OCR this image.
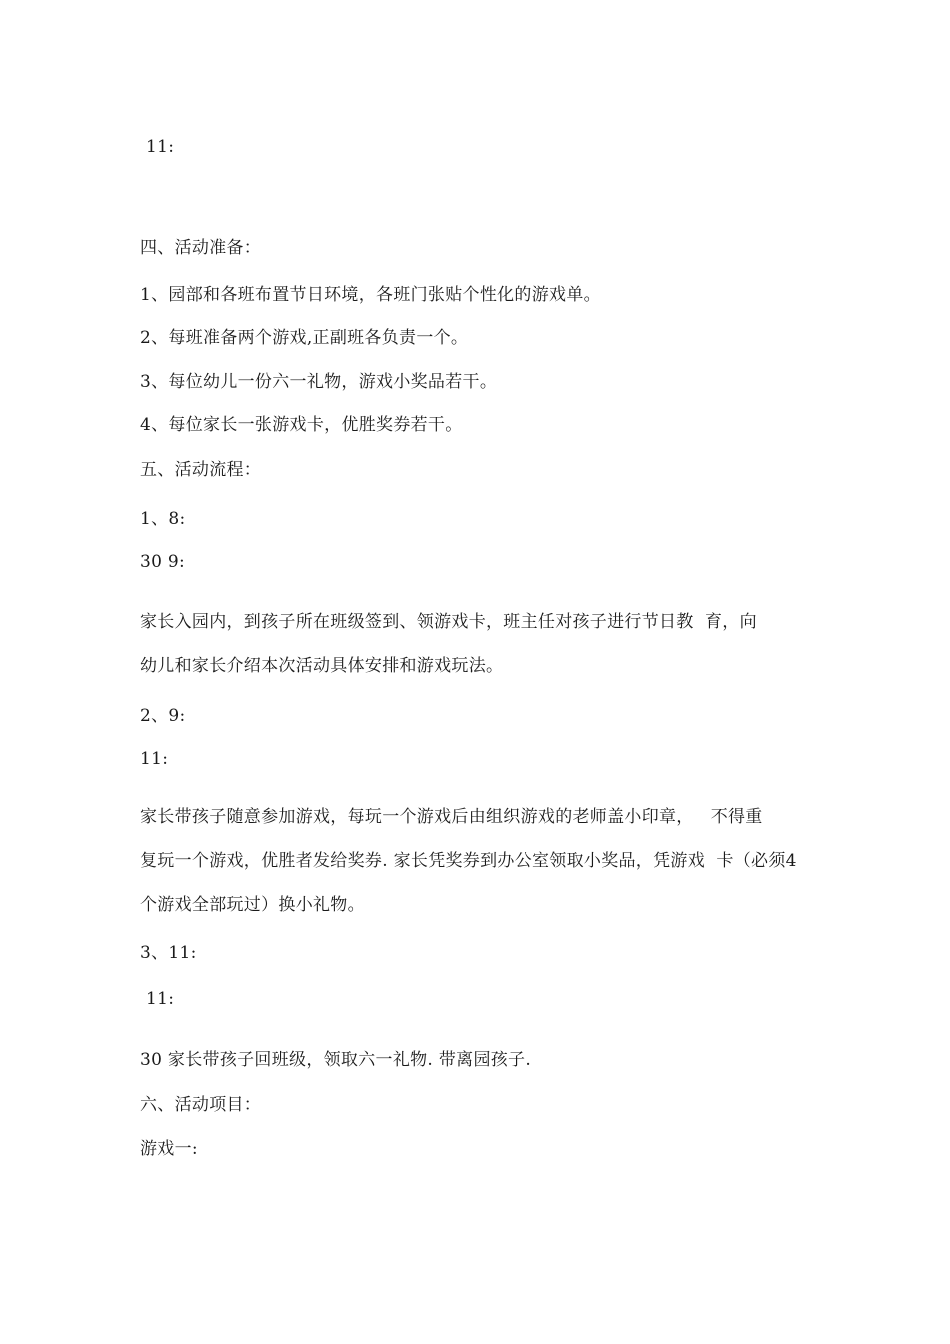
11:
四、活动准备：
1、园部和各班布置节日环境，各班门张贴个性化的游戏单。
2、每班准备两个游戏,正副班各负责一个。
3、每位幼儿一份六一礼物，游戏小奖品若干。
4、每位家长一张游戏卡，优胜奖券若干。
五、活动流程：
1、8:
30 9:
家长入园内，到孩子所在班级签到、领游戏卡，班主任对孩子进行节日教  育，向
幼儿和家长介绍本次活动具体安排和游戏玩法。
2、9:
11:
家长带孩子随意参加游戏，每玩一个游戏后由组织游戏的老师盖小印章，   不得重
复玩一个游戏，优胜者发给奖券. 家长凭奖券到办公室领取小奖品，凭游戏  卡（必须4
个游戏全部玩过）换小礼物。
3、11:
11:
30 家长带孩子回班级，领取六一礼物. 带离园孩子.
六、活动项目：
游戏一:
